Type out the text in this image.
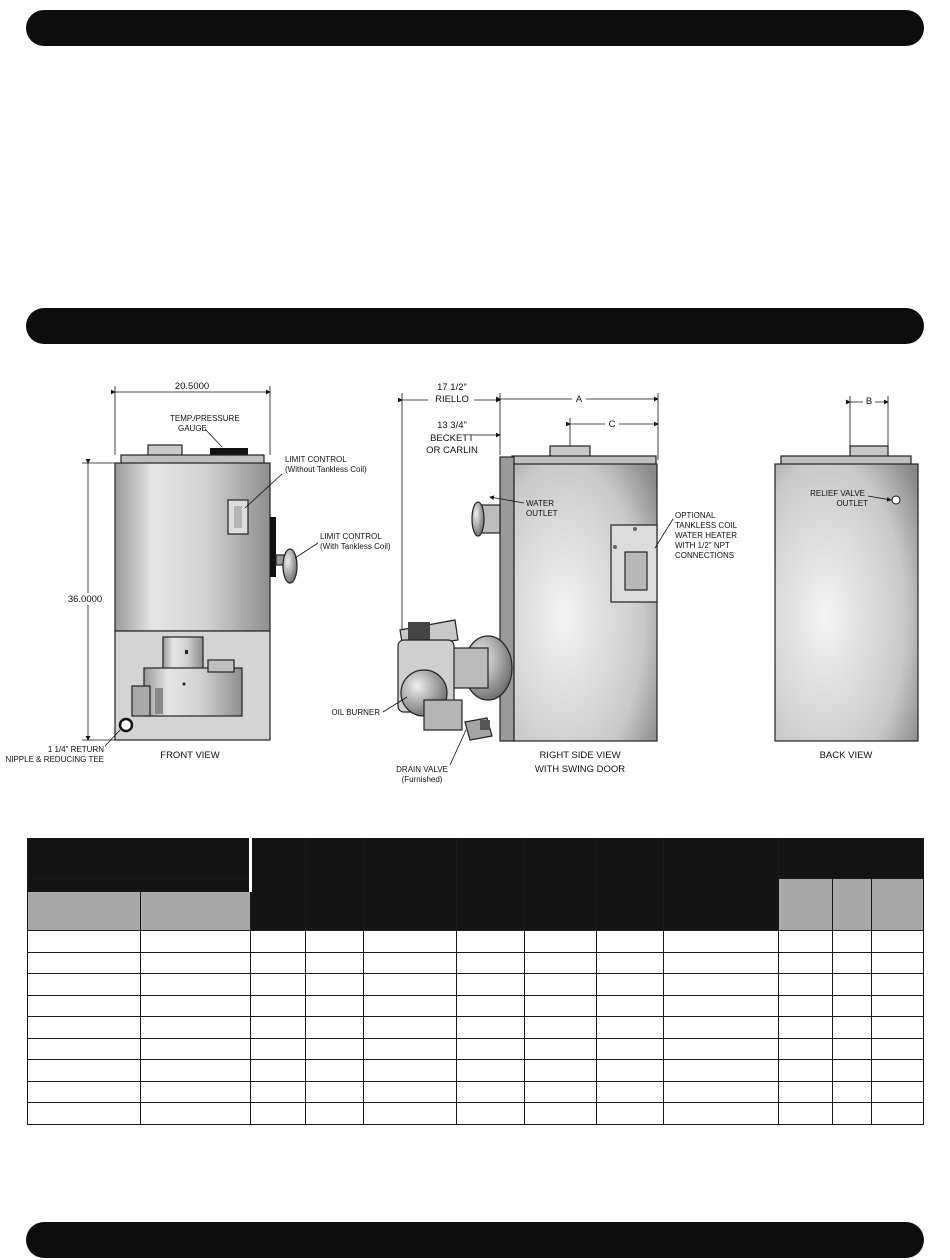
20.5000
TEMP./PRESSURE
GAUGE
LIMIT CONTROL
(Without Tankless Coil)
LIMIT CONTROL
(With Tankless Coil)
1 1/4" RETURN
NIPPLE & REDUCING TEE
36.0000
FRONT VIEW
17 1/2"
RIELLO
13 3/4"
BECKETT
OR CARLIN
A
C
WATER
OUTLET	OPTIONAL
TANKLESS COIL
WATER HEATER
WITH 1/2" NPT
CONNECTIONS
OIL BURNER
DRAIN VALVE
(Furnished)
RIGHT SIDE VIEW
WITH SWING DOOR
B
RELIEF VALVE
OUTLET
BACK VIEW
